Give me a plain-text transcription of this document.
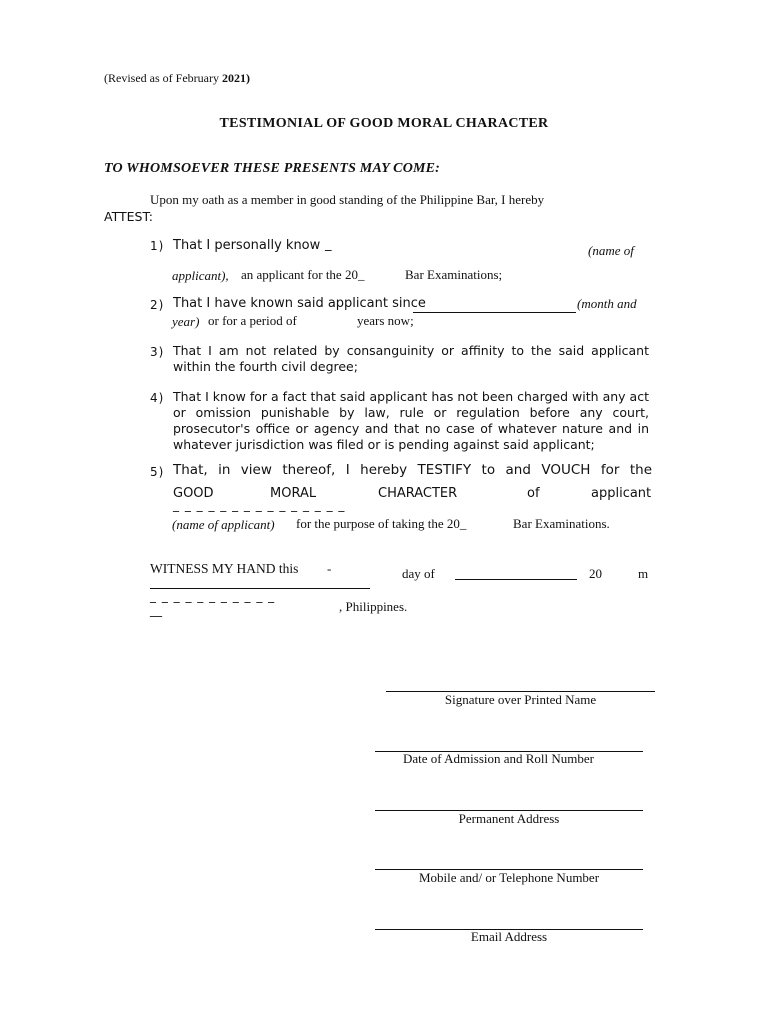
(Revised as of February 2021)
TESTIMONIAL OF GOOD MORAL CHARACTER
TO WHOMSOEVER THESE PRESENTS MAY COME:
Upon my oath as a member in good standing of the Philippine Bar, I hereby
ATTEST:
1) That I personally know _	(name of
applicant), an applicant for the 20_	Bar Examinations;
2) That I have known said applicant since	(month and
year) or for a period of	years now;
3) That I am not related by consanguinity or affinity to the said applicant within the fourth civil degree;
4) That I know for a fact that said applicant has not been charged with any act or omission punishable by law, rule or regulation before any court, prosecutor's office or agency and that no case of whatever nature and in whatever jurisdiction was filed or is pending against said applicant;
5) That, in view thereof, I hereby TESTIFY to and VOUCH for the
GOOD	MORAL	CHARACTER	of	applicant
_ _ _ _ _ _ _ _ _ _ _ _ _ _ _
(name of applicant) for the purpose of taking the 20_	Bar Examinations.
WITNESS MY HAND this -	day of	20	m
_ _ _ _ _ _ _ _ _ _ _
__	, Philippines.
Signature over Printed Name
Date of Admission and Roll Number
Permanent Address
Mobile and/ or Telephone Number
Email Address
